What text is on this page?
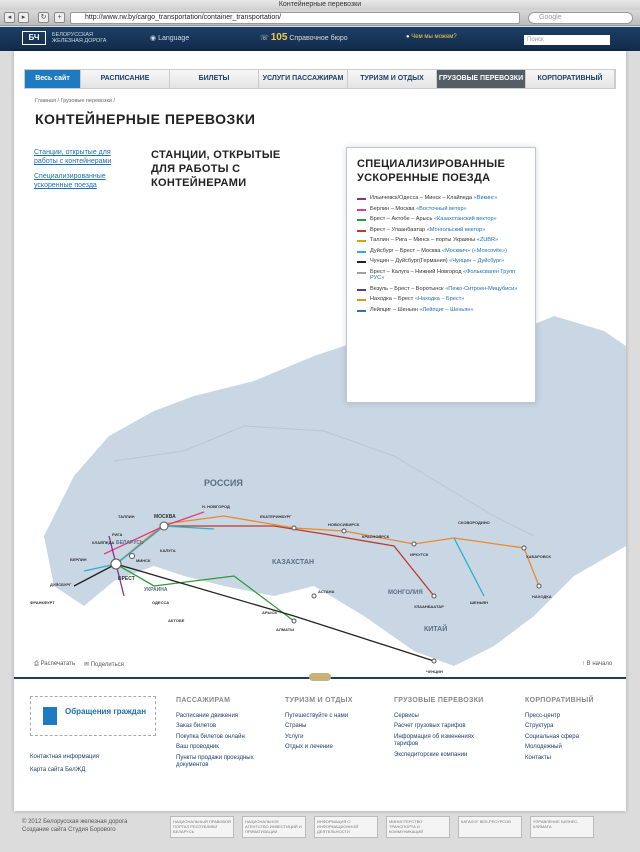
Контейнерные перевозки
◂	▸	↻	+	http://www.rw.by/cargo_transportation/container_transportation/	Google
БЧ	БЕЛОРУССКАЯ
ЖЕЛЕЗНАЯ ДОРОГА	◉ Language	☏ 105 Справочное бюро	● Чем мы можем?	Поиск
Весь сайт	РАСПИСАНИЕ	БИЛЕТЫ	УСЛУГИ ПАССАЖИРАМ	ТУРИЗМ И ОТДЫХ	ГРУЗОВЫЕ ПЕРЕВОЗКИ	КОРПОРАТИВНЫЙ
Главная / Грузовые перевозки /
КОНТЕЙНЕРНЫЕ ПЕРЕВОЗКИ
Станции, открытые для работы с контейнерами
Специализированные ускоренные поезда
СТАНЦИИ, ОТКРЫТЫЕ ДЛЯ РАБОТЫ С КОНТЕЙНЕРАМИ
РОССИЯ
КАЗАХСТАН
МОНГОЛИЯ
КИТАЙ
УКРАИНА
БЕЛАРУСЬ
МОСКВА
БРЕСТ
МИНСК
Н. НОВГОРОД
ЕКАТЕРИНБУРГ
НОВОСИБИРСК
КРАСНОЯРСК
ИРКУТСК
СКОВОРОДИНО
ХАБАРОВСК
НАХОДКА
АЛМАТЫ
АСТАНА
ЧУНЦИН
ШЕНЬЯН
УЛААНБААТАР
КАЛУГА
ОДЕССА
РИГА
КЛАЙПЕДА
БЕРЛИН
АКТОБЕ
АРЫСЬ
ТАЛЛИН
ФРАНКФУРТ
ДУЙСБУРГ
СПЕЦИАЛИЗИРОВАННЫЕ УСКОРЕННЫЕ ПОЕЗДА
Ильичевск/Одесса – Минск – Клайпеда «Викинг»
Берлин – Москва «Восточный ветер»
Брест – Актобе – Арысь «Казахстанский вектор»
Брест – Улаанбаатар «Монгольский вектор»
Таллин – Рига – Минск – порты Украины «ZUBR»
Дуйсбург – Брест – Москва «Москвич» («Moscovite»)
Чунцин – Дуйсбург(Германия) «Чунцин – Дуйсбург»
Брест – Калуга – Нижний Новгород «Фольксваген Групп РУС»
Везуль – Брест – Воротынск «Пежо-Ситроен-Мицубиси»
Находка – Брест «Находка – Брест»
Лейпциг – Шеньян «Лейпциг – Шеньян»
⎙ Распечатать ✉ Поделиться	↑ В начало
Обращения граждан
Контактная информация
Карта сайта БелЖД
ПАССАЖИРАМ
Расписание движения
Заказ билетов
Покупка билетов онлайн
Ваш проводник
Пункты продажи проездных документов
ТУРИЗМ И ОТДЫХ
Путешествуйте с нами
Страны
Услуги
Отдых и лечение
ГРУЗОВЫЕ ПЕРЕВОЗКИ
Сервисы
Расчет грузовых тарифов
Информация об изменениях тарифов
Экспедиторские компании
КОРПОРАТИВНЫЙ
Пресс-центр
Структура
Социальная сфера
Молодежный
Контакты
© 2012 Белорусская железная дорога
Создание сайта Студия Борового
НАЦИОНАЛЬНЫЙ ПРАВОВОЙ ПОРТАЛ РЕСПУБЛИКИ БЕЛАРУСЬ
НАЦИОНАЛЬНОЕ АГЕНТСТВО ИНВЕСТИЦИЙ И ПРИВАТИЗАЦИИ
ИНФОРМАЦИЯ О ИНФОРМАЦИОННОЙ ДЕЯТЕЛЬНОСТИ
МИНИСТЕРСТВО ТРАНСПОРТА И КОММУНИКАЦИЙ
КАТАЛОГ ВЕБ-РЕСУРСОВ	УПРАВЛЕНИЕ БИЗНЕС-КЛИМАТА
